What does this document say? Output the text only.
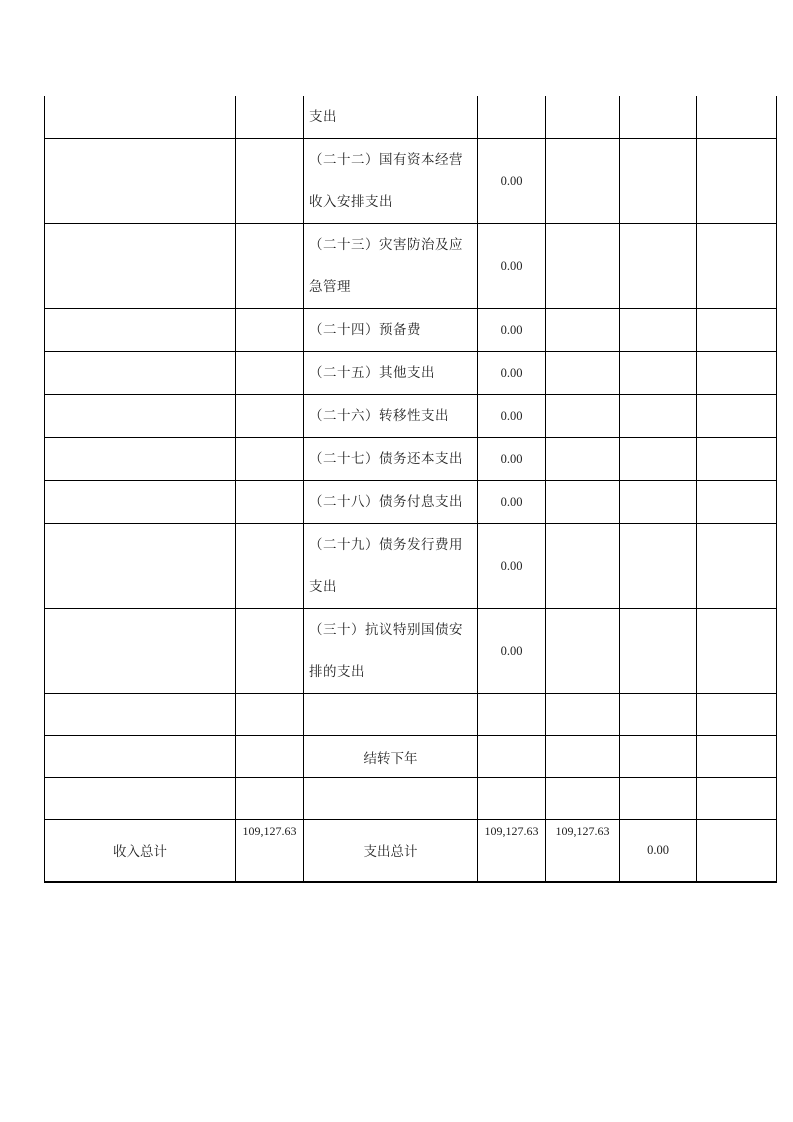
		支出				
		（二十二）国有资本经营收入安排支出	0.00			
		（二十三）灾害防治及应急管理	0.00			
		（二十四）预备费	0.00			
		（二十五）其他支出	0.00			
		（二十六）转移性支出	0.00			
		（二十七）债务还本支出	0.00			
		（二十八）债务付息支出	0.00			
		（二十九）债务发行费用支出	0.00			
		（三十）抗议特别国债安排的支出	0.00			

		结转下年				

收入总计	109,127.63	支出总计	109,127.63	109,127.63	0.00	
